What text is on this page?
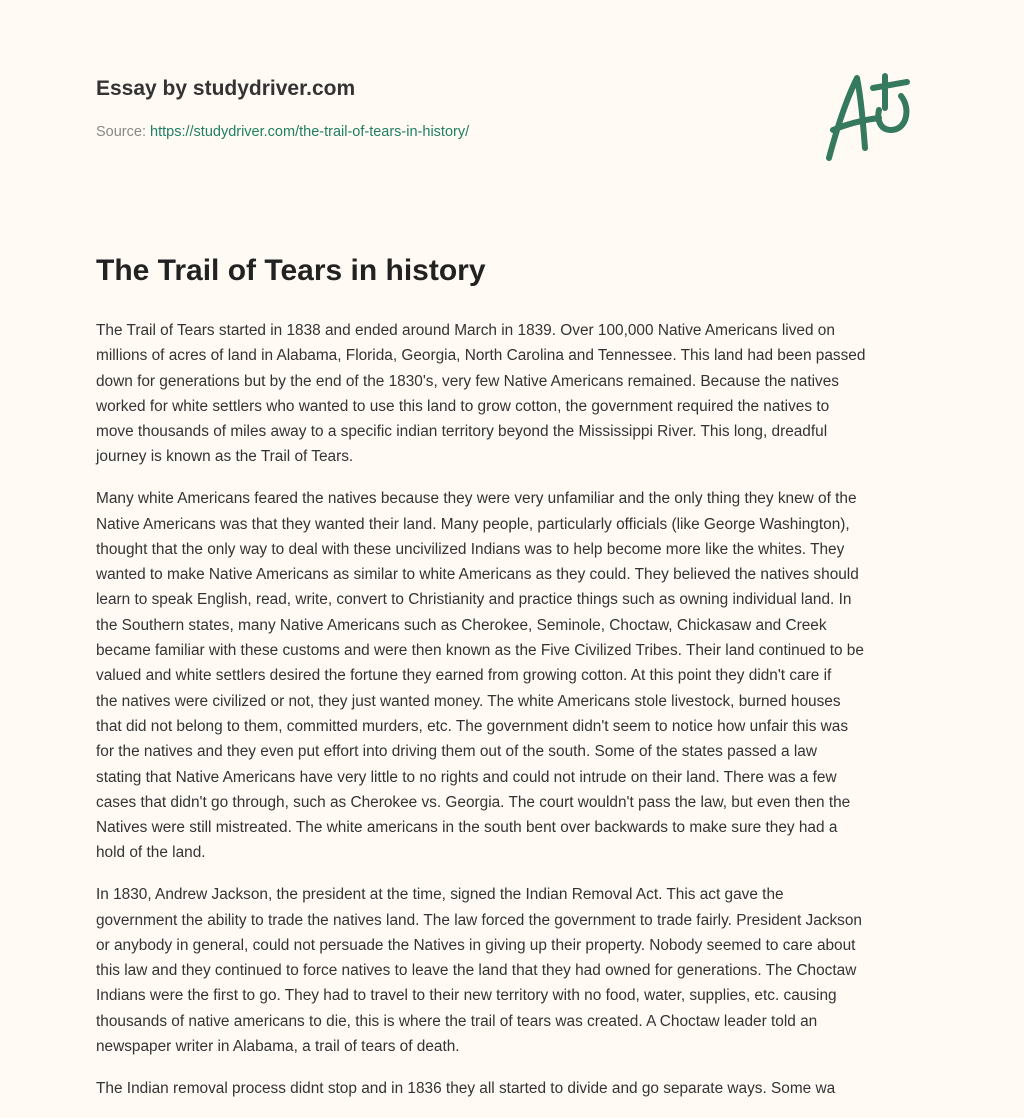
Essay by studydriver.com
Source: https://studydriver.com/the-trail-of-tears-in-history/
The Trail of Tears in history

The Trail of Tears started in 1838 and ended around March in 1839. Over 100,000 Native Americans lived on
millions of acres of land in Alabama, Florida, Georgia, North Carolina and Tennessee. This land had been passed
down for generations but by the end of the 1830's, very few Native Americans remained. Because the natives
worked for white settlers who wanted to use this land to grow cotton, the government required the natives to
move thousands of miles away to a specific indian territory beyond the Mississippi River. This long, dreadful
journey is known as the Trail of Tears.

Many white Americans feared the natives because they were very unfamiliar and the only thing they knew of the
Native Americans was that they wanted their land. Many people, particularly officials (like George Washington),
thought that the only way to deal with these uncivilized Indians was to help become more like the whites. They
wanted to make Native Americans as similar to white Americans as they could. They believed the natives should
learn to speak English, read, write, convert to Christianity and practice things such as owning individual land. In
the Southern states, many Native Americans such as Cherokee, Seminole, Choctaw, Chickasaw and Creek
became familiar with these customs and were then known as the Five Civilized Tribes. Their land continued to be
valued and white settlers desired the fortune they earned from growing cotton. At this point they didn't care if
the natives were civilized or not, they just wanted money. The white Americans stole livestock, burned houses
that did not belong to them, committed murders, etc. The government didn't seem to notice how unfair this was
for the natives and they even put effort into driving them out of the south. Some of the states passed a law
stating that Native Americans have very little to no rights and could not intrude on their land. There was a few
cases that didn't go through, such as Cherokee vs. Georgia. The court wouldn't pass the law, but even then the
Natives were still mistreated. The white americans in the south bent over backwards to make sure they had a
hold of the land.

In 1830, Andrew Jackson, the president at the time, signed the Indian Removal Act. This act gave the
government the ability to trade the natives land. The law forced the government to trade fairly. President Jackson
or anybody in general, could not persuade the Natives in giving up their property. Nobody seemed to care about
this law and they continued to force natives to leave the land that they had owned for generations. The Choctaw
Indians were the first to go. They had to travel to their new territory with no food, water, supplies, etc. causing
thousands of native americans to die, this is where the trail of tears was created. A Choctaw leader told an
newspaper writer in Alabama, a trail of tears of death.

The Indian removal process didnt stop and in 1836 they all started to divide and go separate ways. Some wa
